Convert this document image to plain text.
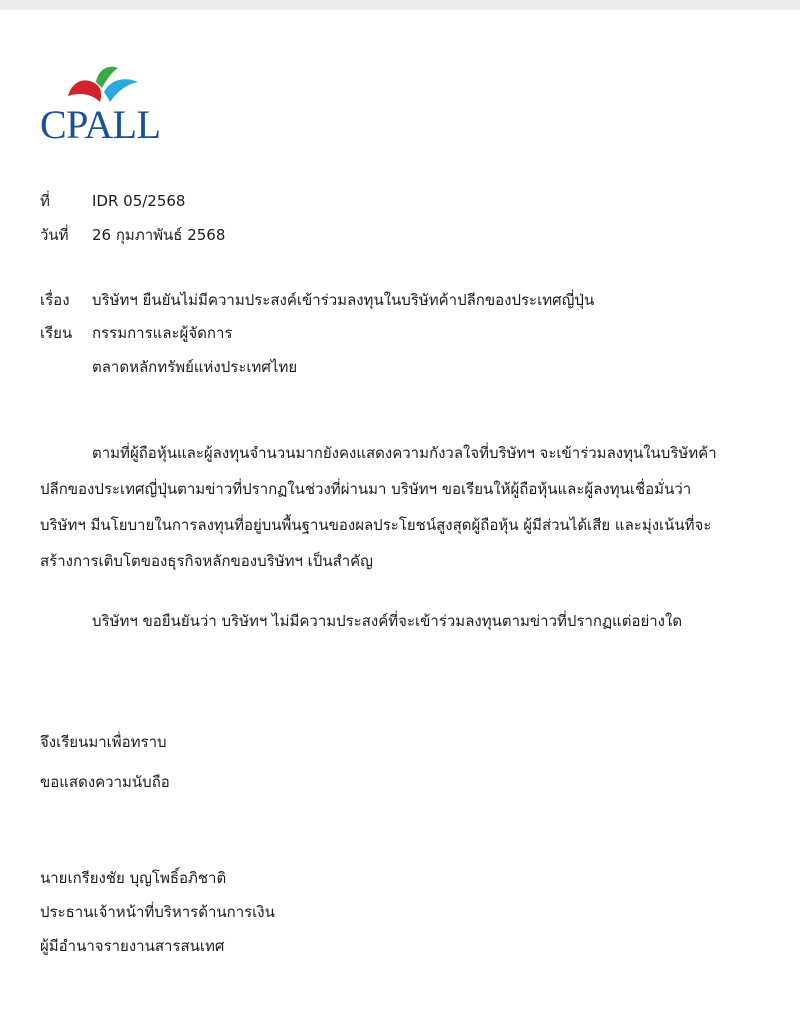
CPALL
ที่	IDR 05/2568
วันที่ 26 กุมภาพันธ์ 2568
เรื่อง บริษัทฯ ยืนยันไม่มีความประสงค์เข้าร่วมลงทุนในบริษัทค้าปลีกของประเทศญี่ปุ่น
เรียน กรรมการและผู้จัดการ
ตลาดหลักทรัพย์แห่งประเทศไทย
ตามที่ผู้ถือหุ้นและผู้ลงทุนจำนวนมากยังคงแสดงความกังวลใจที่บริษัทฯ จะเข้าร่วมลงทุนในบริษัทค้า
ปลีกของประเทศญี่ปุ่นตามข่าวที่ปรากฏในช่วงที่ผ่านมา บริษัทฯ ขอเรียนให้ผู้ถือหุ้นและผู้ลงทุนเชื่อมั่นว่า
บริษัทฯ มีนโยบายในการลงทุนที่อยู่บนพื้นฐานของผลประโยชน์สูงสุดผู้ถือหุ้น ผู้มีส่วนได้เสีย และมุ่งเน้นที่จะ
สร้างการเติบโตของธุรกิจหลักของบริษัทฯ เป็นสำคัญ
บริษัทฯ ขอยืนยันว่า บริษัทฯ ไม่มีความประสงค์ที่จะเข้าร่วมลงทุนตามข่าวที่ปรากฏแต่อย่างใด
จึงเรียนมาเพื่อทราบ
ขอแสดงความนับถือ
นายเกรียงชัย บุญโพธิ์อภิชาติ
ประธานเจ้าหน้าที่บริหารด้านการเงิน
ผู้มีอำนาจรายงานสารสนเทศ
